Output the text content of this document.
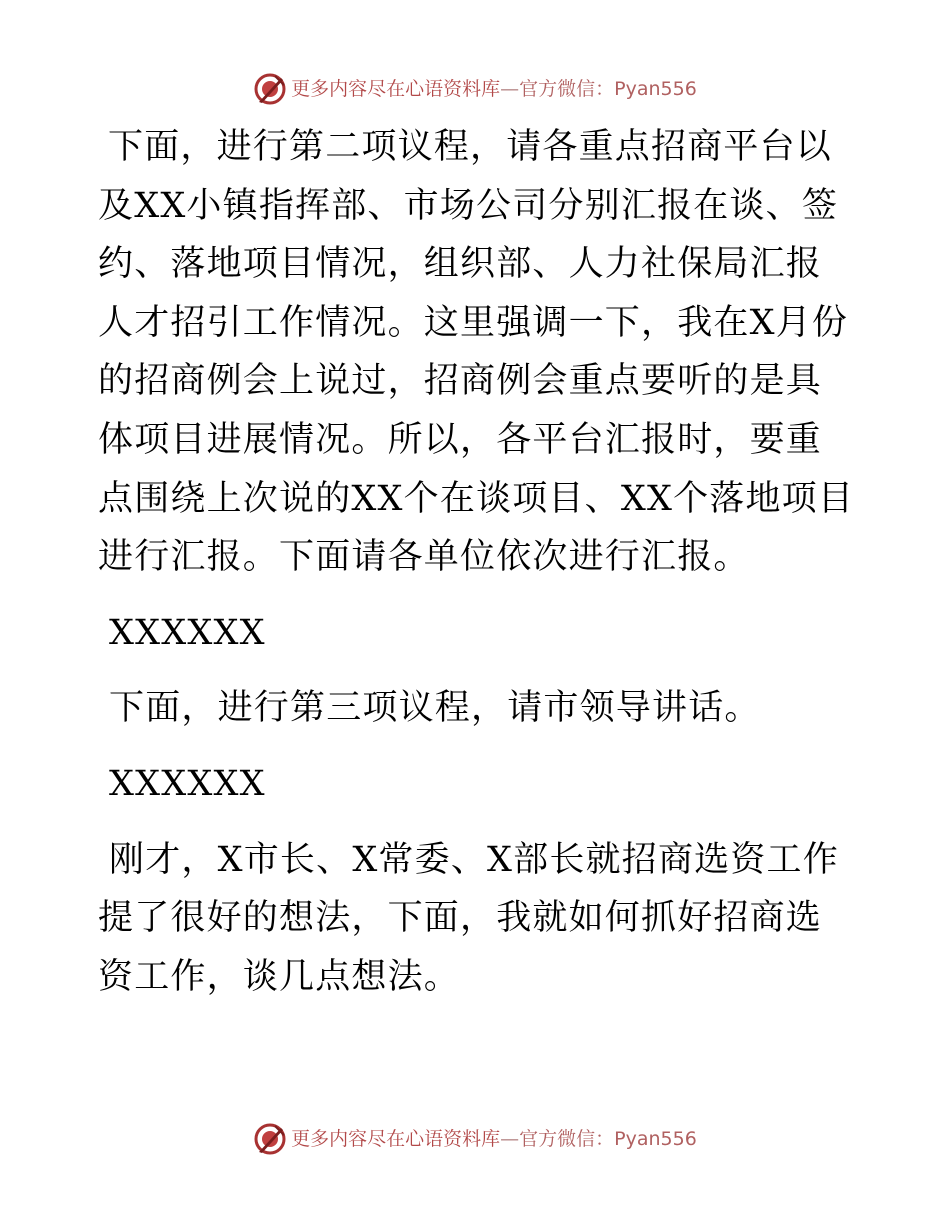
更多内容尽在心语资料库—官方微信：Pyan556

下面，进行第二项议程，请各重点招商平台以及XX小镇指挥部、市场公司分别汇报在谈、签约、落地项目情况，组织部、人力社保局汇报人才招引工作情况。这里强调一下，我在X月份的招商例会上说过，招商例会重点要听的是具体项目进展情况。所以，各平台汇报时，要重点围绕上次说的XX个在谈项目、XX个落地项目进行汇报。下面请各单位依次进行汇报。

XXXXXX

下面，进行第三项议程，请市领导讲话。

XXXXXX

刚才，X市长、X常委、X部长就招商选资工作提了很好的想法，下面，我就如何抓好招商选资工作，谈几点想法。

更多内容尽在心语资料库—官方微信：Pyan556
